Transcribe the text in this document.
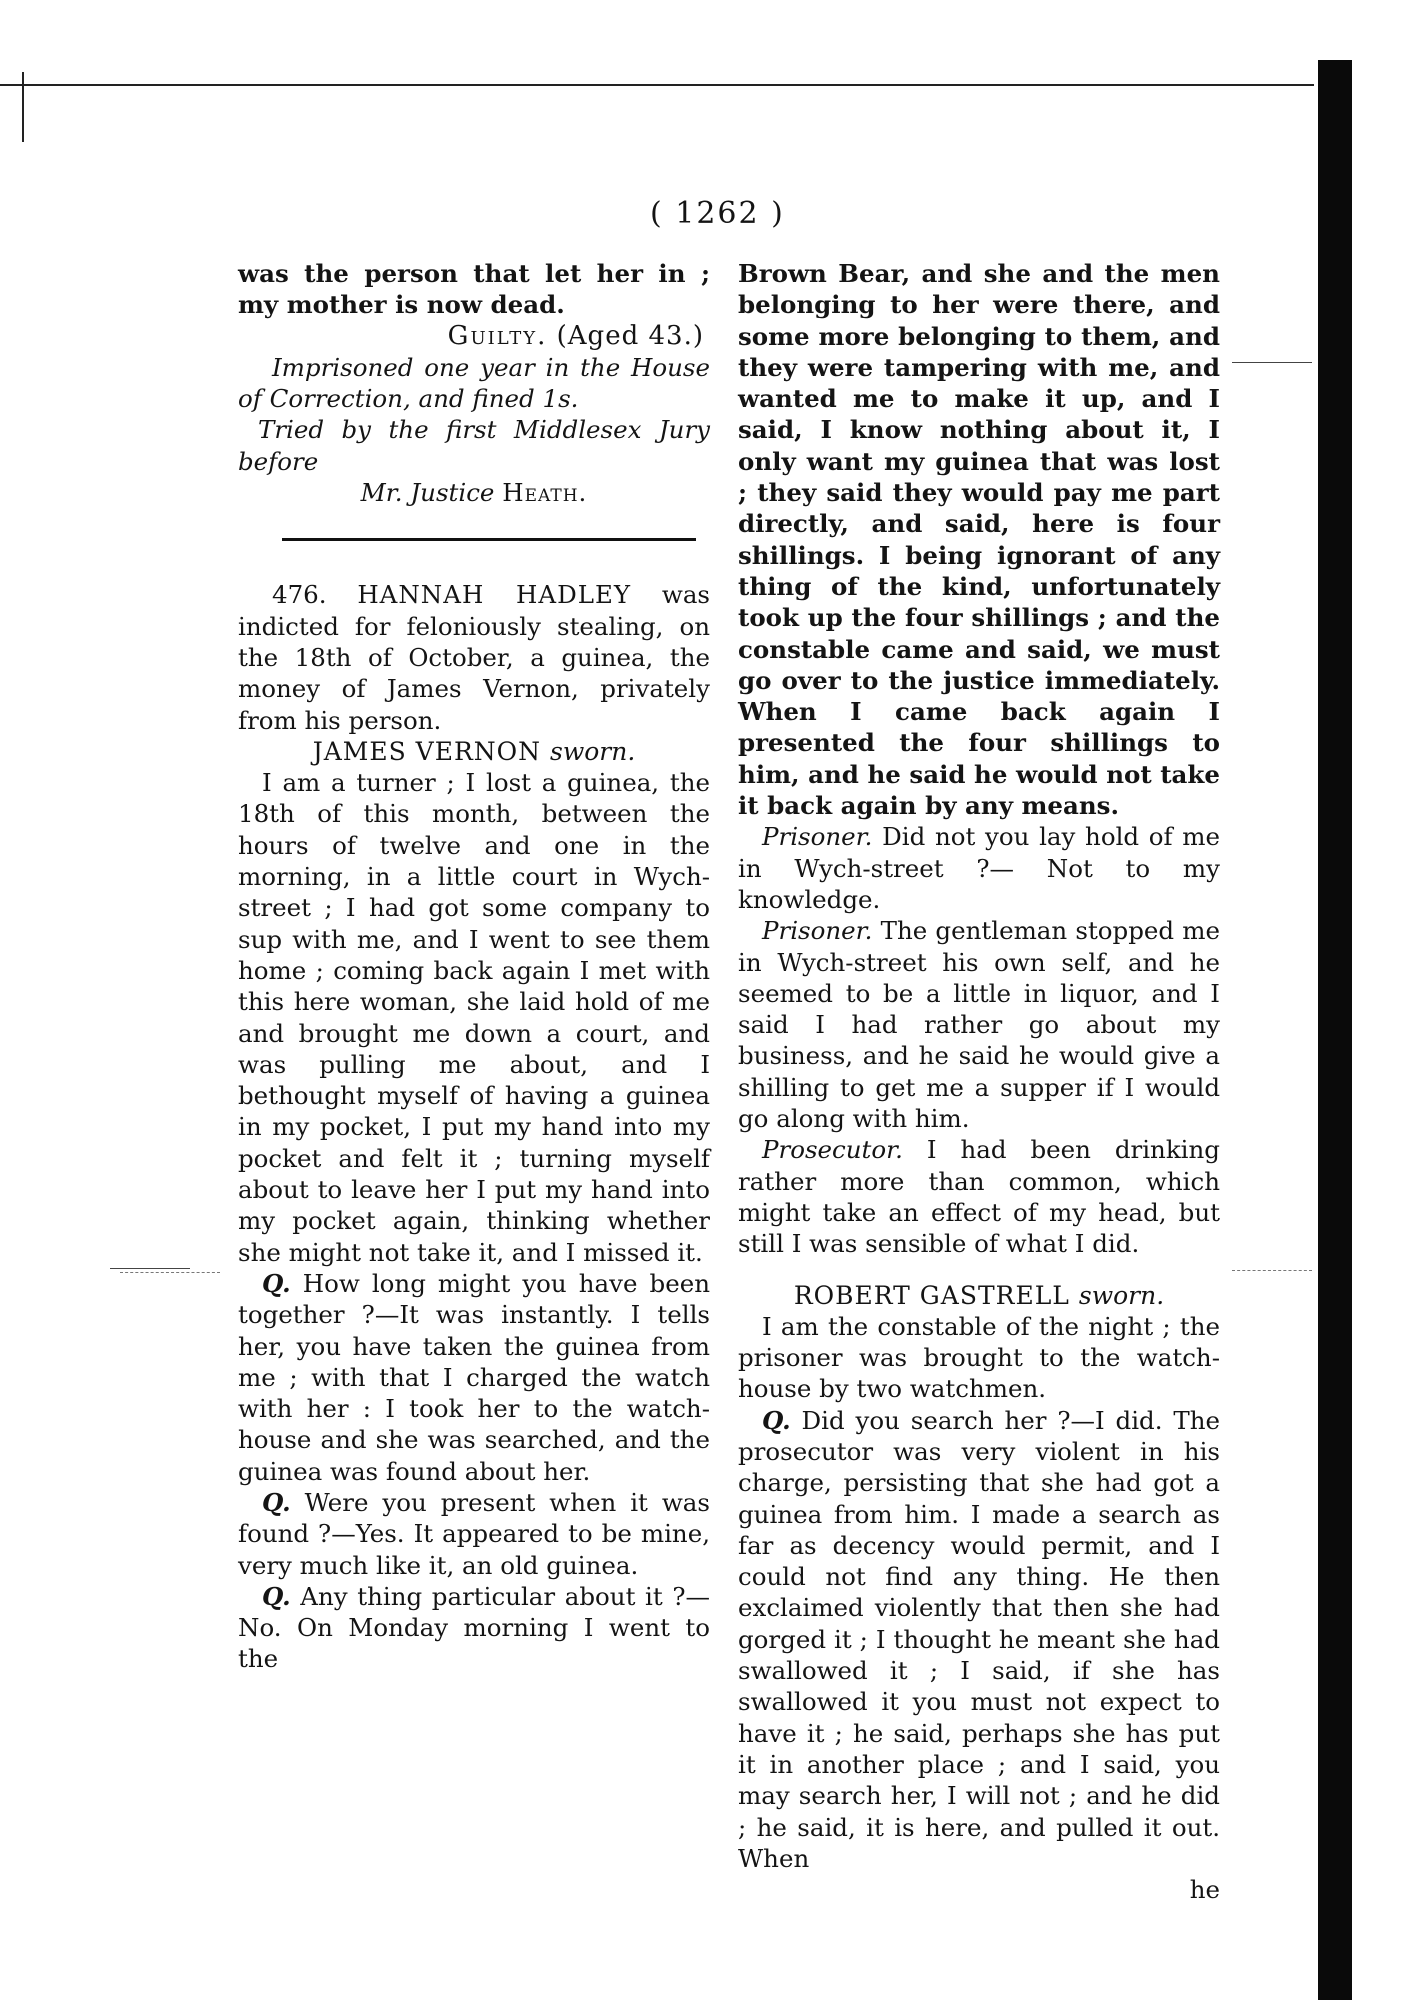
( 1262 )

was the person that let her in ; my mother is now dead.

Guilty. (Aged 43.)

Imprisoned one year in the House of Correction, and fined 1s.

Tried by the first Middlesex Jury before

Mr. Justice Heath.

476. HANNAH HADLEY was indicted for feloniously stealing, on the 18th of October, a guinea, the money of James Vernon, privately from his person.

JAMES VERNON sworn.

I am a turner ; I lost a guinea, the 18th of this month, between the hours of twelve and one in the morning, in a little court in Wych-street ; I had got some company to sup with me, and I went to see them home ; coming back again I met with this here woman, she laid hold of me and brought me down a court, and was pulling me about, and I bethought myself of having a guinea in my pocket, I put my hand into my pocket and felt it ; turning myself about to leave her I put my hand into my pocket again, thinking whether she might not take it, and I missed it.

Q. How long might you have been together ?—It was instantly. I tells her, you have taken the guinea from me ; with that I charged the watch with her : I took her to the watch-house and she was searched, and the guinea was found about her.

Q. Were you present when it was found ?—Yes. It appeared to be mine, very much like it, an old guinea.

Q. Any thing particular about it ?—No. On Monday morning I went to the

Brown Bear, and she and the men belonging to her were there, and some more belonging to them, and they were tampering with me, and wanted me to make it up, and I said, I know nothing about it, I only want my guinea that was lost ; they said they would pay me part directly, and said, here is four shillings. I being ignorant of any thing of the kind, unfortunately took up the four shillings ; and the constable came and said, we must go over to the justice immediately. When I came back again I presented the four shillings to him, and he said he would not take it back again by any means.

Prisoner. Did not you lay hold of me in Wych-street ?— Not to my knowledge.

Prisoner. The gentleman stopped me in Wych-street his own self, and he seemed to be a little in liquor, and I said I had rather go about my business, and he said he would give a shilling to get me a supper if I would go along with him.

Prosecutor. I had been drinking rather more than common, which might take an effect of my head, but still I was sensible of what I did.

ROBERT GASTRELL sworn.

I am the constable of the night ; the prisoner was brought to the watch-house by two watchmen.

Q. Did you search her ?—I did. The prosecutor was very violent in his charge, persisting that she had got a guinea from him. I made a search as far as decency would permit, and I could not find any thing. He then exclaimed violently that then she had gorged it ; I thought he meant she had swallowed it ; I said, if she has swallowed it you must not expect to have it ; he said, perhaps she has put it in another place ; and I said, you may search her, I will not ; and he did ; he said, it is here, and pulled it out. When

he
